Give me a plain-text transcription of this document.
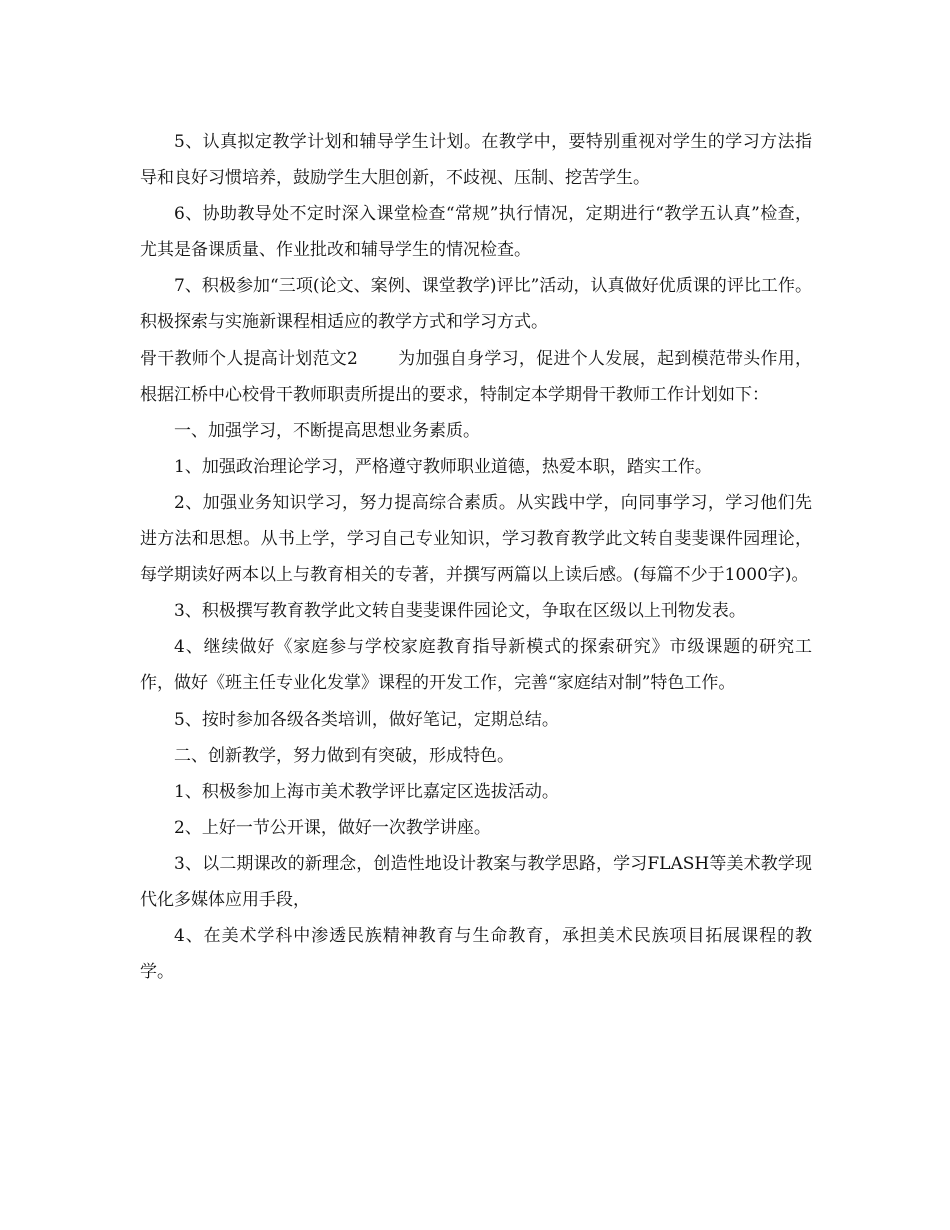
5、认真拟定教学计划和辅导学生计划。在教学中，要特别重视对学生的学习方法指导和良好习惯培养，鼓励学生大胆创新，不歧视、压制、挖苦学生。

6、协助教导处不定时深入课堂检查“常规”执行情况，定期进行“教学五认真”检查，尤其是备课质量、作业批改和辅导学生的情况检查。

7、积极参加“三项(论文、案例、课堂教学)评比”活动，认真做好优质课的评比工作。积极探索与实施新课程相适应的教学方式和学习方式。

骨干教师个人提高计划范文2 为加强自身学习，促进个人发展，起到模范带头作用，根据江桥中心校骨干教师职责所提出的要求，特制定本学期骨干教师工作计划如下：

一、加强学习，不断提高思想业务素质。

1、加强政治理论学习，严格遵守教师职业道德，热爱本职，踏实工作。

2、加强业务知识学习，努力提高综合素质。从实践中学，向同事学习，学习他们先进方法和思想。从书上学，学习自己专业知识，学习教育教学此文转自斐斐课件园理论，每学期读好两本以上与教育相关的专著，并撰写两篇以上读后感。(每篇不少于1000字)。

3、积极撰写教育教学此文转自斐斐课件园论文，争取在区级以上刊物发表。

4、继续做好《家庭参与学校家庭教育指导新模式的探索研究》市级课题的研究工作，做好《班主任专业化发掌》课程的开发工作，完善“家庭结对制”特色工作。

5、按时参加各级各类培训，做好笔记，定期总结。

二、创新教学，努力做到有突破，形成特色。

1、积极参加上海市美术教学评比嘉定区选拔活动。

2、上好一节公开课，做好一次教学讲座。

3、以二期课改的新理念，创造性地设计教案与教学思路，学习FLASH等美术教学现代化多媒体应用手段，

4、在美术学科中渗透民族精神教育与生命教育，承担美术民族项目拓展课程的教学。
